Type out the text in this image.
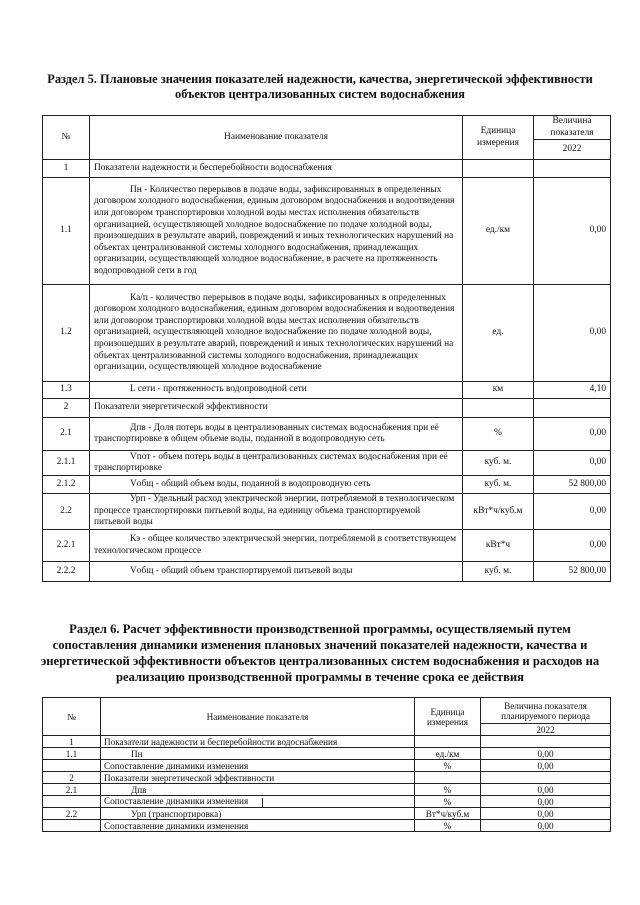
Раздел 5. Плановые значения показателей надежности, качества, энергетической эффективности
объектов централизованных систем водоснабжения
№	Наименование показателя	Единица измерения	Величина показателя
			2022
1	Показатели надежности и бесперебойности водоснабжения		
1.1	Пн - Количество перерывов в подаче воды, зафиксированных в определенных договором холодного водоснабжения, единым договором водоснабжения и водоотведения или договором транспортировки холодной воды местах исполнения обязательств организацией, осуществляющей холодное водоснабжение по подаче холодной воды, произошедших в результате аварий, повреждений и иных технологических нарушений на объектах централизованной системы холодного водоснабжения, принадлежащих организации, осуществляющей холодное водоснабжение, в расчете на протяженность водопроводной сети в год	ед./км	0,00
1.2	Ка/п - количество перерывов в подаче воды, зафиксированных в определенных договором холодного водоснабжения, единым договором водоснабжения и водоотведения или договором транспортировки холодной воды местах исполнения обязательств организацией, осуществляющей холодное водоснабжение по подаче холодной воды, произошедших в результате аварий, повреждений и иных технологических нарушений на объектах централизованной системы холодного водоснабжения, принадлежащих организации, осуществляющей холодное водоснабжение	ед.	0,00
1.3	L сети - протяженность водопроводной сети	км	4,10
2	Показатели энергетической эффективности		
2.1	Дпв - Доля потерь воды в централизованных системах водоснабжения при её транспортировке в общем объеме воды, поданной в водопроводную сеть	%	0,00
2.1.1	Vпот - объем потерь воды в централизованных системах водоснабжения при её транспортировке	куб. м.	0,00
2.1.2	Vобщ - общий объем воды, поданной в водопроводную сеть	куб. м.	52 800,00
2.2	Урп - Удельный расход электрической энергии, потребляемой в технологическом процессе транспортировки питьевой воды, на единицу объема транспортируемой питьевой воды	кВт*ч/куб.м	0,00
2.2.1	Кэ - общее количество электрической энергии, потребляемой в соответствующем технологическом процессе	кВт*ч	0,00
2.2.2	Vобщ - общий объем транспортируемой питьевой воды	куб. м.	52 800,00
Раздел 6. Расчет эффективности производственной программы, осуществляемый путем
сопоставления динамики изменения плановых значений показателей надежности, качества и
энергетической эффективности объектов централизованных систем водоснабжения и расходов на
реализацию производственной программы в течение срока ее действия
№	Наименование показателя	Единица измерения	Величина показателя планируемого периода
			2022
1	Показатели надежности и бесперебойности водоснабжения		
1.1	Пн	ед./км	0,00
	Сопоставление динамики изменения	%	0,00
2	Показатели энергетической эффективности		
2.1	Дпв	%	0,00
	Сопоставление динамики изменения	%	0,00
2.2	Урп (транспортировка)	Вт*ч/куб.м	0,00
	Сопоставление динамики изменения	%	0,00
